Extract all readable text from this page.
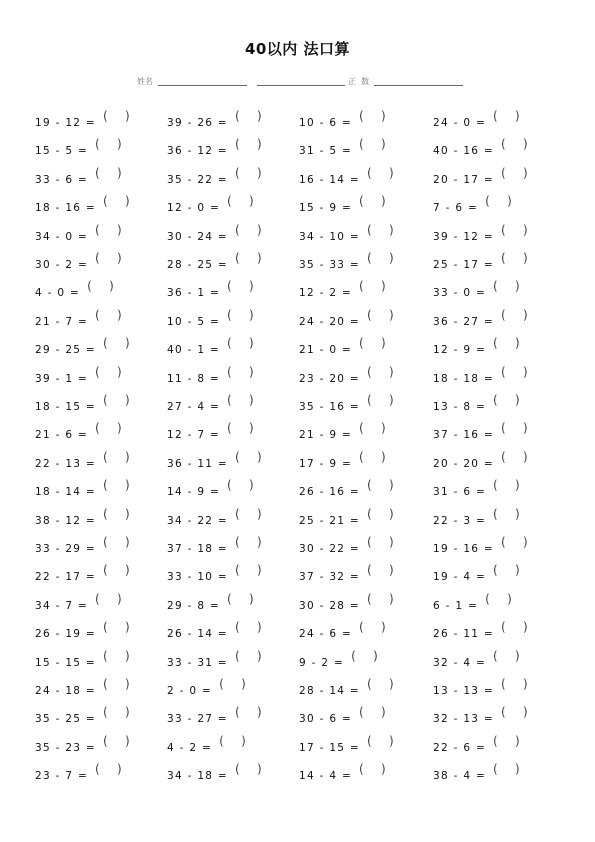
40以内 法口算
姓名	正  数
19 - 12 = ( )
15 - 5 = ( )
33 - 6 = ( )
18 - 16 = ( )
34 - 0 = ( )
30 - 2 = ( )
4 - 0 = ( )
21 - 7 = ( )
29 - 25 = ( )
39 - 1 = ( )
18 - 15 = ( )
21 - 6 = ( )
22 - 13 = ( )
18 - 14 = ( )
38 - 12 = ( )
33 - 29 = ( )
22 - 17 = ( )
34 - 7 = ( )
26 - 19 = ( )
15 - 15 = ( )
24 - 18 = ( )
35 - 25 = ( )
35 - 23 = ( )
23 - 7 = ( )
39 - 26 = ( )
36 - 12 = ( )
35 - 22 = ( )
12 - 0 = ( )
30 - 24 = ( )
28 - 25 = ( )
36 - 1 = ( )
10 - 5 = ( )
40 - 1 = ( )
11 - 8 = ( )
27 - 4 = ( )
12 - 7 = ( )
36 - 11 = ( )
14 - 9 = ( )
34 - 22 = ( )
37 - 18 = ( )
33 - 10 = ( )
29 - 8 = ( )
26 - 14 = ( )
33 - 31 = ( )
2 - 0 = ( )
33 - 27 = ( )
4 - 2 = ( )
34 - 18 = ( )
10 - 6 = ( )
31 - 5 = ( )
16 - 14 = ( )
15 - 9 = ( )
34 - 10 = ( )
35 - 33 = ( )
12 - 2 = ( )
24 - 20 = ( )
21 - 0 = ( )
23 - 20 = ( )
35 - 16 = ( )
21 - 9 = ( )
17 - 9 = ( )
26 - 16 = ( )
25 - 21 = ( )
30 - 22 = ( )
37 - 32 = ( )
30 - 28 = ( )
24 - 6 = ( )
9 - 2 = ( )
28 - 14 = ( )
30 - 6 = ( )
17 - 15 = ( )
14 - 4 = ( )
24 - 0 = ( )
40 - 16 = ( )
20 - 17 = ( )
7 - 6 = ( )
39 - 12 = ( )
25 - 17 = ( )
33 - 0 = ( )
36 - 27 = ( )
12 - 9 = ( )
18 - 18 = ( )
13 - 8 = ( )
37 - 16 = ( )
20 - 20 = ( )
31 - 6 = ( )
22 - 3 = ( )
19 - 16 = ( )
19 - 4 = ( )
6 - 1 = ( )
26 - 11 = ( )
32 - 4 = ( )
13 - 13 = ( )
32 - 13 = ( )
22 - 6 = ( )
38 - 4 = ( )
